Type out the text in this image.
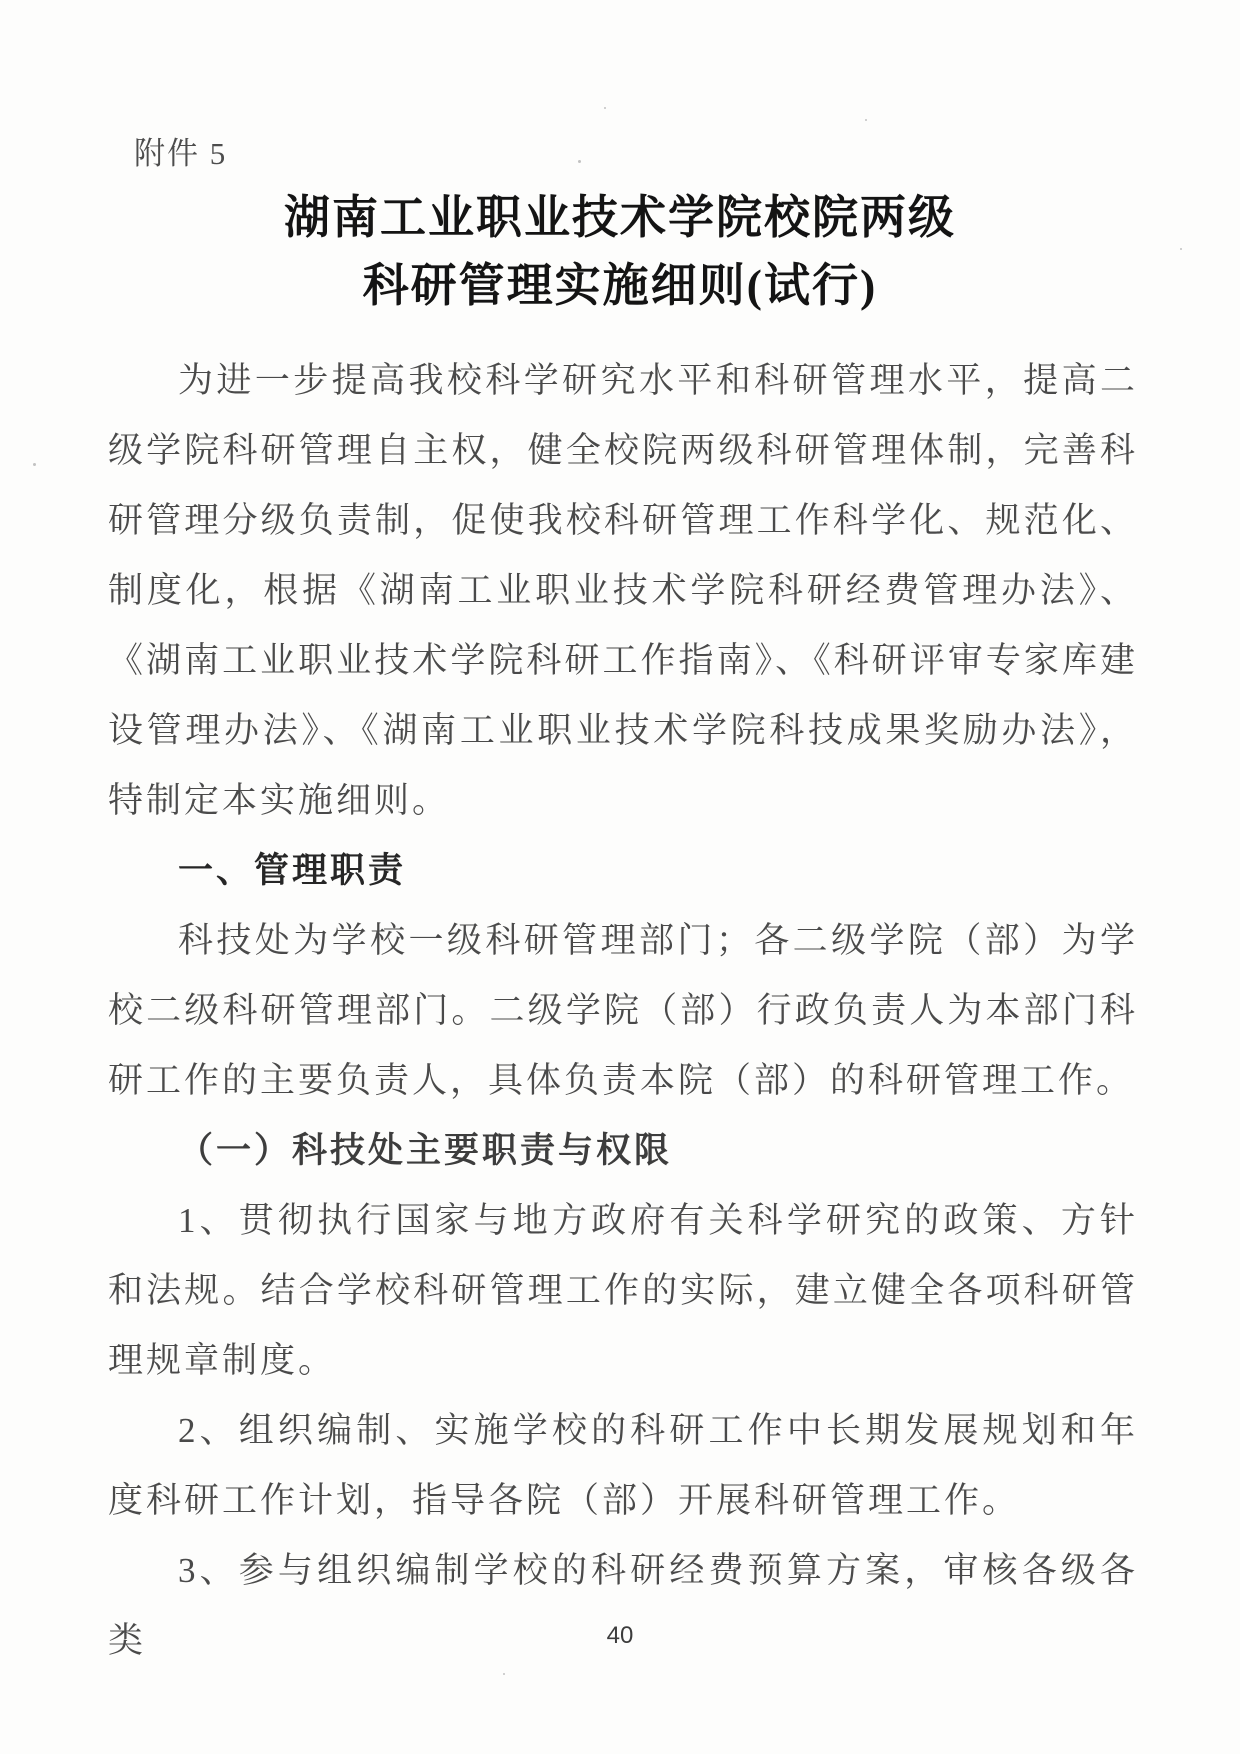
附件 5
湖南工业职业技术学院校院两级
科研管理实施细则(试行)

为进一步提高我校科学研究水平和科研管理水平，提高二级学院科研管理自主权，健全校院两级科研管理体制，完善科研管理分级负责制，促使我校科研管理工作科学化、规范化、制度化，根据《湖南工业职业技术学院科研经费管理办法》、《湖南工业职业技术学院科研工作指南》、《科研评审专家库建设管理办法》、《湖南工业职业技术学院科技成果奖励办法》，特制定本实施细则。

一、管理职责

科技处为学校一级科研管理部门；各二级学院（部）为学校二级科研管理部门。二级学院（部）行政负责人为本部门科研工作的主要负责人，具体负责本院（部）的科研管理工作。

（一）科技处主要职责与权限

1、贯彻执行国家与地方政府有关科学研究的政策、方针和法规。结合学校科研管理工作的实际，建立健全各项科研管理规章制度。

2、组织编制、实施学校的科研工作中长期发展规划和年度科研工作计划，指导各院（部）开展科研管理工作。

3、参与组织编制学校的科研经费预算方案，审核各级各类	40
